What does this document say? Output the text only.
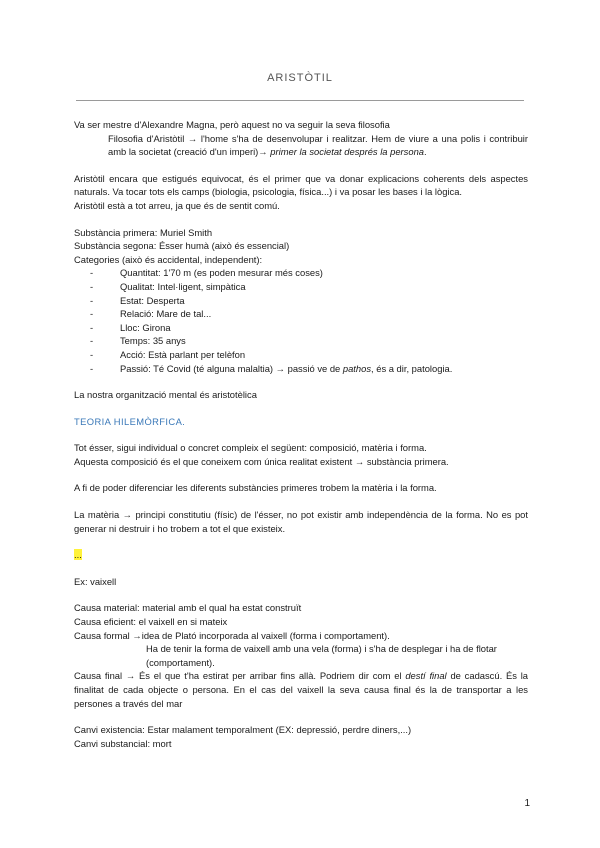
ARISTÒTIL

Va ser mestre d'Alexandre Magna, però aquest no va seguir la seva filosofia

Filosofia d'Aristòtil → l'home s'ha de desenvolupar i realitzar. Hem de viure a una polis i contribuir amb la societat (creació d'un imperi)→ primer la societat després la persona.

Aristòtil encara que estigués equivocat, és el primer que va donar explicacions coherents dels aspectes naturals. Va tocar tots els camps (biologia, psicologia, física...) i va posar les bases i la lògica.

Aristòtil està a tot arreu, ja que és de sentit comú.

Substància primera: Muriel Smith

Substància segona: Ésser humà (això és essencial)

Categories (això és accidental, independent):

- Quantitat: 1'70 m (es poden mesurar més coses)
- Qualitat: Intel·ligent, simpàtica
- Estat: Desperta
- Relació: Mare de tal...
- Lloc: Girona
- Temps: 35 anys
- Acció: Està parlant per telèfon
- Passió: Té Covid (té alguna malaltia) → passió ve de pathos, és a dir, patologia.

La nostra organització mental és aristotèlica

TEORIA HILEMÒRFICA.

Tot ésser, sigui individual o concret compleix el següent: composició, matèria i forma.

Aquesta composició és el que coneixem com única realitat existent → substància primera.

A fi de poder diferenciar les diferents substàncies primeres trobem la matèria i la forma.

La matèria → principi constitutiu (físic) de l'ésser, no pot existir amb independència de la forma. No es pot generar ni destruir i ho trobem a tot el que existeix.

...

Ex: vaixell

Causa material: material amb el qual ha estat construït

Causa eficient: el vaixell en si mateix

Causa formal →idea de Plató incorporada al vaixell (forma i comportament).

Ha de tenir la forma de vaixell amb una vela (forma) i s'ha de desplegar i ha de flotar (comportament).

Causa final → És el que t'ha estirat per arribar fins allà. Podriem dir com el destí final de cadascú. És la finalitat de cada objecte o persona. En el cas del vaixell la seva causa final és la de transportar a les persones a través del mar

Canvi existencia: Estar malament temporalment (EX: depressió, perdre diners,...)

Canvi substancial: mort

1
